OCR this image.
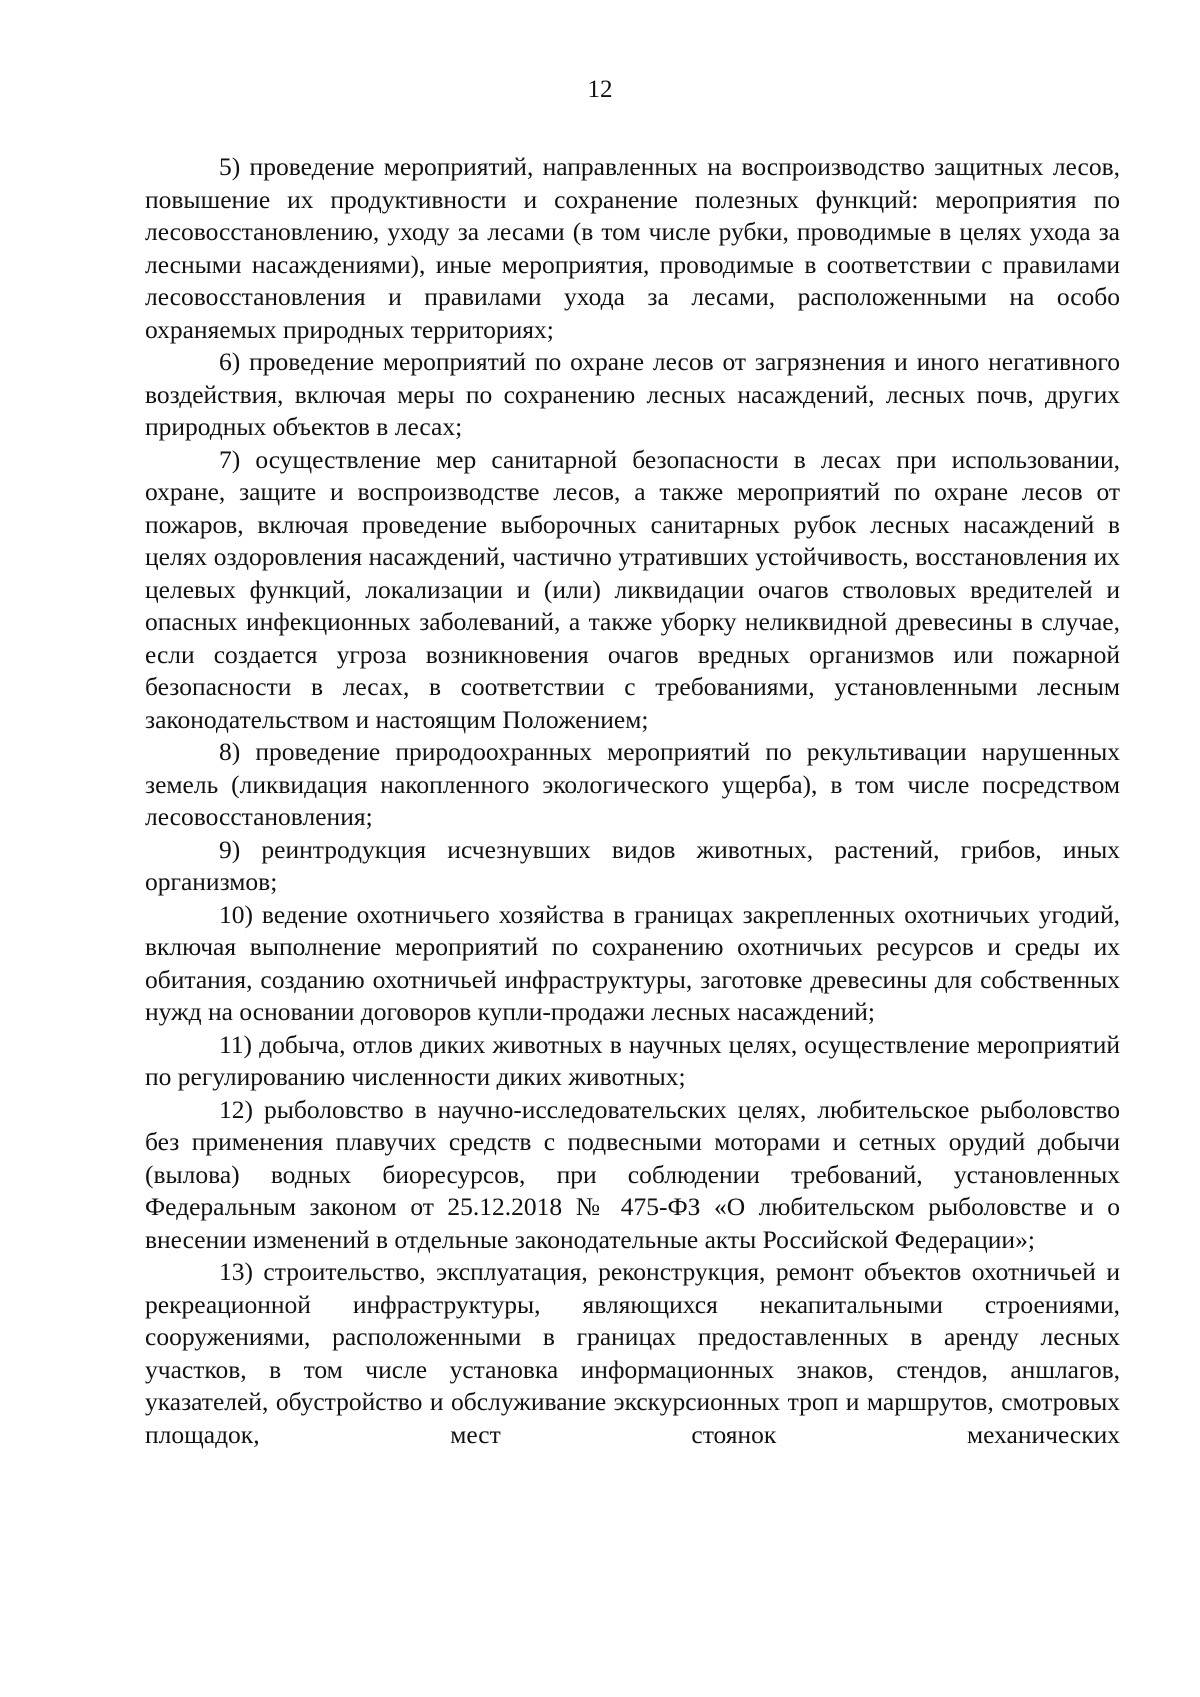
12

5) проведение мероприятий, направленных на воспроизводство защитных лесов, повышение их продуктивности и сохранение полезных функций: мероприятия по лесовосстановлению, уходу за лесами (в том числе рубки, проводимые в целях ухода за лесными насаждениями), иные мероприятия, проводимые в соответствии с правилами лесовосстановления и правилами ухода за лесами, расположенными на особо охраняемых природных территориях;

6) проведение мероприятий по охране лесов от загрязнения и иного негативного воздействия, включая меры по сохранению лесных насаждений, лесных почв, других природных объектов в лесах;

7) осуществление мер санитарной безопасности в лесах при использовании, охране, защите и воспроизводстве лесов, а также мероприятий по охране лесов от пожаров, включая проведение выборочных санитарных рубок лесных насаждений в целях оздоровления насаждений, частично утративших устойчивость, восстановления их целевых функций, локализации и (или) ликвидации очагов стволовых вредителей и опасных инфекционных заболеваний, а также уборку неликвидной древесины в случае, если создается угроза возникновения очагов вредных организмов или пожарной безопасности в лесах, в соответствии с требованиями, установленными лесным законодательством и настоящим Положением;

8) проведение природоохранных мероприятий по рекультивации нарушенных земель (ликвидация накопленного экологического ущерба), в том числе посредством лесовосстановления;

9) реинтродукция исчезнувших видов животных, растений, грибов, иных организмов;

10) ведение охотничьего хозяйства в границах закрепленных охотничьих угодий, включая выполнение мероприятий по сохранению охотничьих ресурсов и среды их обитания, созданию охотничьей инфраструктуры, заготовке древесины для собственных нужд на основании договоров купли-продажи лесных насаждений;

11) добыча, отлов диких животных в научных целях, осуществление мероприятий по регулированию численности диких животных;

12) рыболовство в научно-исследовательских целях, любительское рыболовство без применения плавучих средств с подвесными моторами и сетных орудий добычи (вылова) водных биоресурсов, при соблюдении требований, установленных Федеральным законом от 25.12.2018 № 475-ФЗ «О любительском рыболовстве и о внесении изменений в отдельные законодательные акты Российской Федерации»;

13) строительство, эксплуатация, реконструкция, ремонт объектов охотничьей и рекреационной инфраструктуры, являющихся некапитальными строениями, сооружениями, расположенными в границах предоставленных в аренду лесных участков, в том числе установка информационных знаков, стендов, аншлагов, указателей, обустройство и обслуживание экскурсионных троп и маршрутов, смотровых площадок, мест стоянок механических
